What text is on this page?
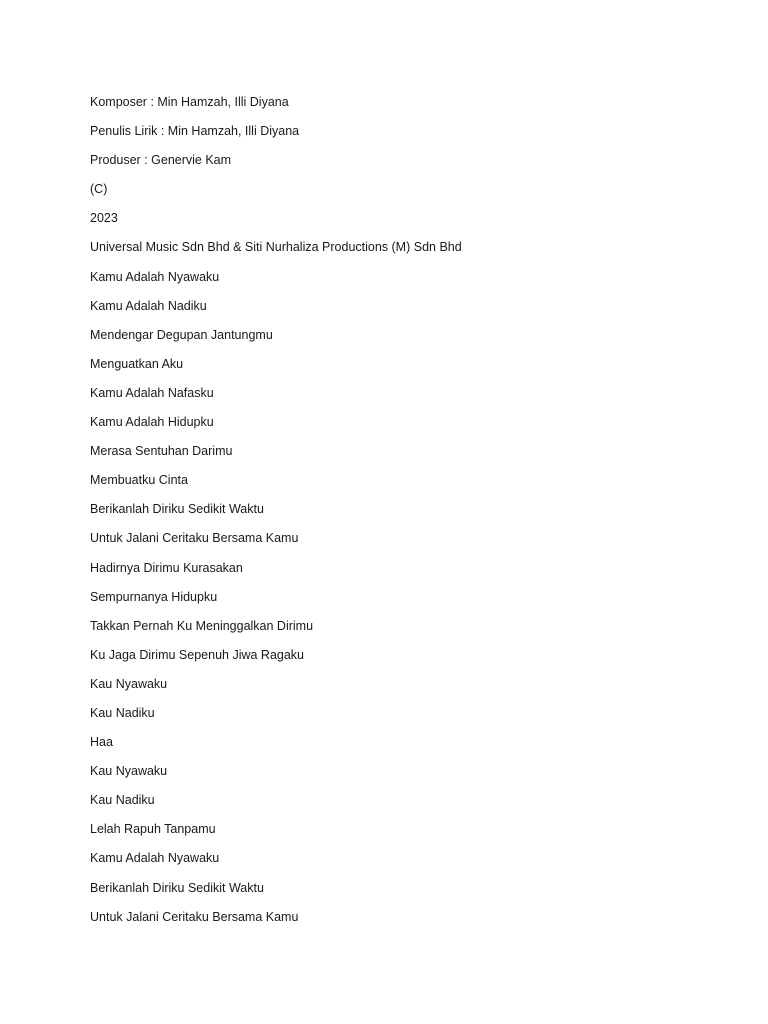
Komposer : Min Hamzah, Illi Diyana
Penulis Lirik : Min Hamzah, Illi Diyana
Produser : Genervie Kam
(C)
2023
Universal Music Sdn Bhd & Siti Nurhaliza Productions (M) Sdn Bhd
Kamu Adalah Nyawaku
Kamu Adalah Nadiku
Mendengar Degupan Jantungmu
Menguatkan Aku
Kamu Adalah Nafasku
Kamu Adalah Hidupku
Merasa Sentuhan Darimu
Membuatku Cinta
Berikanlah Diriku Sedikit Waktu
Untuk Jalani Ceritaku Bersama Kamu
Hadirnya Dirimu Kurasakan
Sempurnanya Hidupku
Takkan Pernah Ku Meninggalkan Dirimu
Ku Jaga Dirimu Sepenuh Jiwa Ragaku
Kau Nyawaku
Kau Nadiku
Haa
Kau Nyawaku
Kau Nadiku
Lelah Rapuh Tanpamu
Kamu Adalah Nyawaku
Berikanlah Diriku Sedikit Waktu
Untuk Jalani Ceritaku Bersama Kamu
